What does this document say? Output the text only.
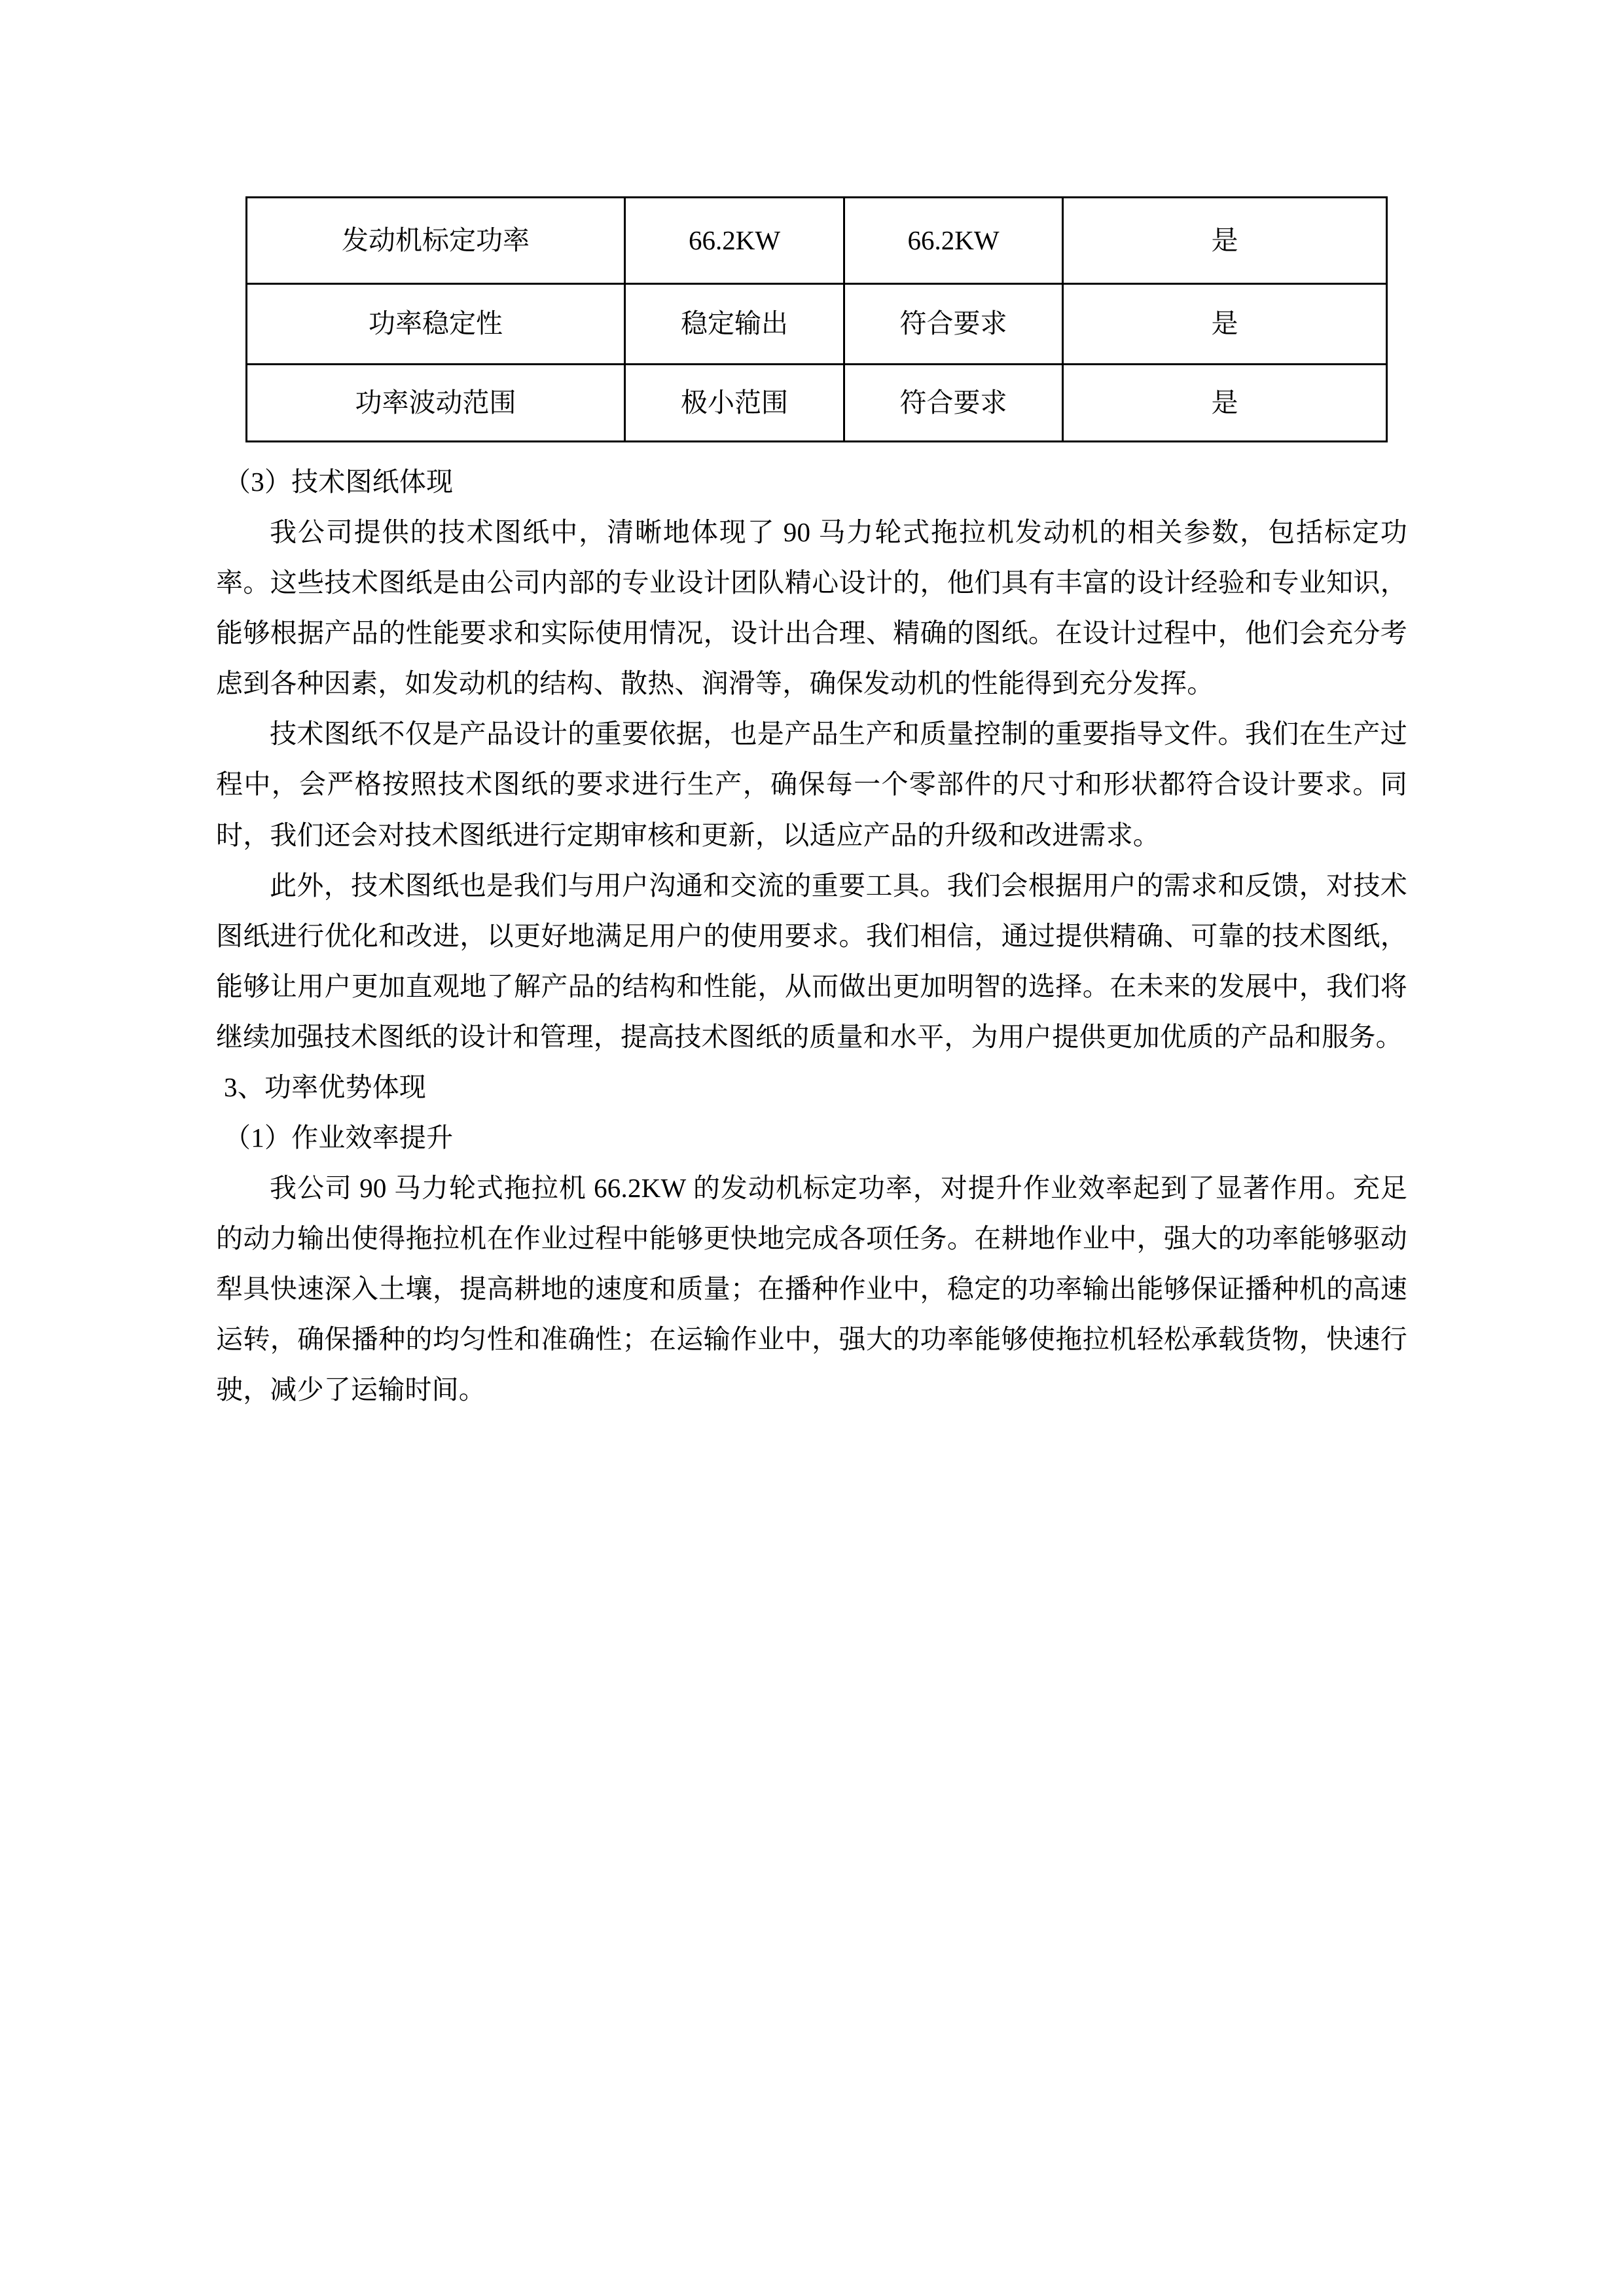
发动机标定功率	66.2KW	66.2KW	是
功率稳定性	稳定输出	符合要求	是
功率波动范围	极小范围	符合要求	是

（3）技术图纸体现

我公司提供的技术图纸中，清晰地体现了 90 马力轮式拖拉机发动机的相关参数，包括标定功率。这些技术图纸是由公司内部的专业设计团队精心设计的，他们具有丰富的设计经验和专业知识，能够根据产品的性能要求和实际使用情况，设计出合理、精确的图纸。在设计过程中，他们会充分考虑到各种因素，如发动机的结构、散热、润滑等，确保发动机的性能得到充分发挥。

技术图纸不仅是产品设计的重要依据，也是产品生产和质量控制的重要指导文件。我们在生产过程中，会严格按照技术图纸的要求进行生产，确保每一个零部件的尺寸和形状都符合设计要求。同时，我们还会对技术图纸进行定期审核和更新，以适应产品的升级和改进需求。

此外，技术图纸也是我们与用户沟通和交流的重要工具。我们会根据用户的需求和反馈，对技术图纸进行优化和改进，以更好地满足用户的使用要求。我们相信，通过提供精确、可靠的技术图纸，能够让用户更加直观地了解产品的结构和性能，从而做出更加明智的选择。在未来的发展中，我们将继续加强技术图纸的设计和管理，提高技术图纸的质量和水平，为用户提供更加优质的产品和服务。

3、功率优势体现

（1）作业效率提升

我公司 90 马力轮式拖拉机 66.2KW 的发动机标定功率，对提升作业效率起到了显著作用。充足的动力输出使得拖拉机在作业过程中能够更快地完成各项任务。在耕地作业中，强大的功率能够驱动犁具快速深入土壤，提高耕地的速度和质量；在播种作业中，稳定的功率输出能够保证播种机的高速运转，确保播种的均匀性和准确性；在运输作业中，强大的功率能够使拖拉机轻松承载货物，快速行驶，减少了运输时间。
